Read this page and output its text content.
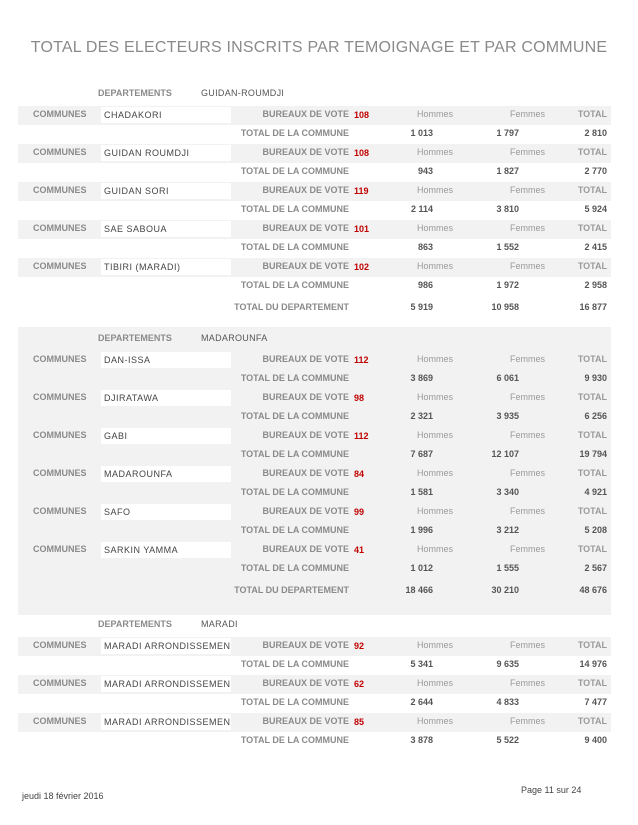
TOTAL DES ELECTEURS INSCRITS PAR TEMOIGNAGE ET PAR COMMUNE
DEPARTEMENTS	GUIDAN-ROUMDJI
COMMUNES	CHADAKORI	BUREAUX DE VOTE 108	Hommes	Femmes	TOTAL
TOTAL DE LA COMMUNE	1 013	1 797	2 810
COMMUNES	GUIDAN ROUMDJI	BUREAUX DE VOTE 108	Hommes	Femmes	TOTAL
TOTAL DE LA COMMUNE	943	1 827	2 770
COMMUNES	GUIDAN SORI	BUREAUX DE VOTE 119	Hommes	Femmes	TOTAL
TOTAL DE LA COMMUNE	2 114	3 810	5 924
COMMUNES	SAE SABOUA	BUREAUX DE VOTE 101	Hommes	Femmes	TOTAL
TOTAL DE LA COMMUNE	863	1 552	2 415
COMMUNES	TIBIRI (MARADI)	BUREAUX DE VOTE 102	Hommes	Femmes	TOTAL
TOTAL DE LA COMMUNE	986	1 972	2 958
TOTAL DU DEPARTEMENT	5 919	10 958	16 877
DEPARTEMENTS	MADAROUNFA
COMMUNES	DAN-ISSA	BUREAUX DE VOTE 112	Hommes	Femmes	TOTAL
TOTAL DE LA COMMUNE	3 869	6 061	9 930
COMMUNES	DJIRATAWA	BUREAUX DE VOTE 98	Hommes	Femmes	TOTAL
TOTAL DE LA COMMUNE	2 321	3 935	6 256
COMMUNES	GABI	BUREAUX DE VOTE 112	Hommes	Femmes	TOTAL
TOTAL DE LA COMMUNE	7 687	12 107	19 794
COMMUNES	MADAROUNFA	BUREAUX DE VOTE 84	Hommes	Femmes	TOTAL
TOTAL DE LA COMMUNE	1 581	3 340	4 921
COMMUNES	SAFO	BUREAUX DE VOTE 99	Hommes	Femmes	TOTAL
TOTAL DE LA COMMUNE	1 996	3 212	5 208
COMMUNES	SARKIN YAMMA	BUREAUX DE VOTE 41	Hommes	Femmes	TOTAL
TOTAL DE LA COMMUNE	1 012	1 555	2 567
TOTAL DU DEPARTEMENT	18 466	30 210	48 676
DEPARTEMENTS	MARADI
COMMUNES	MARADI ARRONDISSEMEN	BUREAUX DE VOTE 92	Hommes	Femmes	TOTAL
TOTAL DE LA COMMUNE	5 341	9 635	14 976
COMMUNES	MARADI ARRONDISSEMEN	BUREAUX DE VOTE 62	Hommes	Femmes	TOTAL
TOTAL DE LA COMMUNE	2 644	4 833	7 477
COMMUNES	MARADI ARRONDISSEMEN	BUREAUX DE VOTE 85	Hommes	Femmes	TOTAL
TOTAL DE LA COMMUNE	3 878	5 522	9 400
jeudi 18 février 2016
Page 11 sur 24
